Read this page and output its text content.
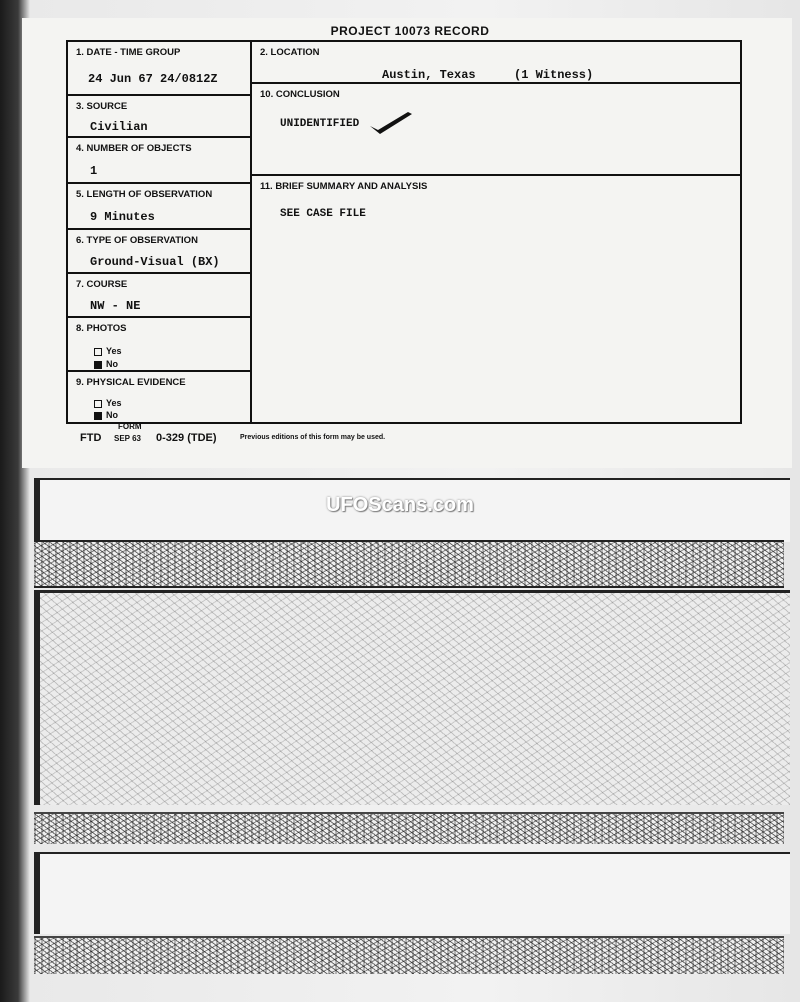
PROJECT 10073 RECORD
1. DATE - TIME GROUP
24 Jun 67 24/0812Z
3. SOURCE
Civilian
4. NUMBER OF OBJECTS
1
5. LENGTH OF OBSERVATION
9 Minutes
6. TYPE OF OBSERVATION
Ground-Visual (BX)
7. COURSE
NW - NE
8. PHOTOS
Yes
No
9. PHYSICAL EVIDENCE
Yes
No
2. LOCATION
Austin, Texas	(1 Witness)
10. CONCLUSION
UNIDENTIFIED
11. BRIEF SUMMARY AND ANALYSIS
SEE CASE FILE
FTD
FORM
SEP 63 0-329 (TDE)	Previous editions of this form may be used.
UFOScans.com
